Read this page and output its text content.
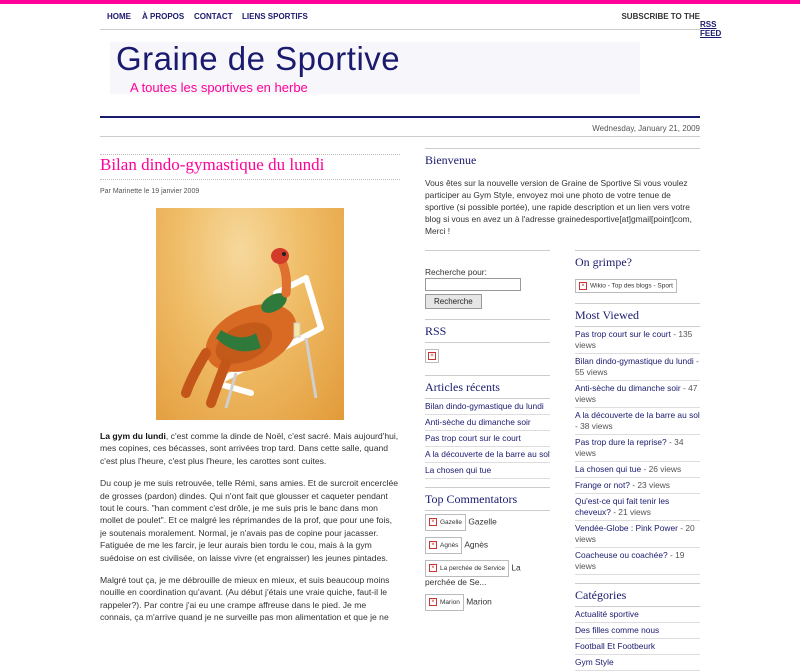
HOME À PROPOS CONTACT LIENS SPORTIFS	SUBSCRIBE TO THE
RSS FEED
Graine de Sportive
A toutes les sportives en herbe
Wednesday, January 21, 2009
Bilan dindo-gymastique du lundi
Par Marinette le 19 janvier 2009

La gym du lundi, c'est comme la dinde de Noël, c'est sacré. Mais aujourd'hui, mes copines, ces bécasses, sont arrivées trop tard. Dans cette salle, quand c'est plus l'heure, c'est plus l'heure, les carottes sont cuites.

Du coup je me suis retrouvée, telle Rémi, sans amies. Et de surcroit encerclée de grosses (pardon) dindes. Qui n'ont fait que glousser et caqueter pendant tout le cours. "han comment c'est drôle, je me suis pris le banc dans mon mollet de poulet". Et ce malgré les réprimandes de la prof, que pour une fois, je soutenais moralement. Normal, je n'avais pas de copine pour jacasser. Fatiguée de me les farcir, je leur aurais bien tordu le cou, mais à la gym suédoise on est civilisée, on laisse vivre (et engraisser) les jeunes pintades.

Malgré tout ça, je me débrouille de mieux en mieux, et suis beaucoup moins nouille en coordination qu'avant. (Au début j'étais une vraie quiche, faut-il le rappeler?). Par contre j'ai eu une crampe affreuse dans le pied. Je me connais, ça m'arrive quand je ne surveille pas mon alimentation et que je ne

Bienvenue
Vous êtes sur la nouvelle version de Graine de Sportive Si vous voulez participer au Gym Style, envoyez moi une photo de votre tenue de sportive (si possible portée), une rapide description et un lien vers votre blog si vous en avez un à l'adresse grainedesportive[at]gmail[point]com, Merci !
Recherche pour:
Recherche
RSS
×
Articles récents
Bilan dindo-gymastique du lundi
Anti-sèche du dimanche soir
Pas trop court sur le court
A la découverte de la barre au sol
La chosen qui tue
Top Commentators
× Gazelle Gazelle
× Agnès Agnès
× La perchée de Service La perchée de Se...
× Marion Marion
On grimpe?
× Wikio - Top des blogs - Sport
Most Viewed
Pas trop court sur le court - 135 views
Bilan dindo-gymastique du lundi - 55 views
Anti-sèche du dimanche soir - 47 views
A la découverte de la barre au sol - 38 views
Pas trop dure la reprise? - 34 views
La chosen qui tue - 26 views
Frange or not? - 23 views
Qu'est-ce qui fait tenir les cheveux? - 21 views
Vendée-Globe : Pink Power - 20 views
Coacheuse ou coachée? - 19 views
Catégories
Actualité sportive
Des filles comme nous
Football Et Footbeurk
Gym Style
